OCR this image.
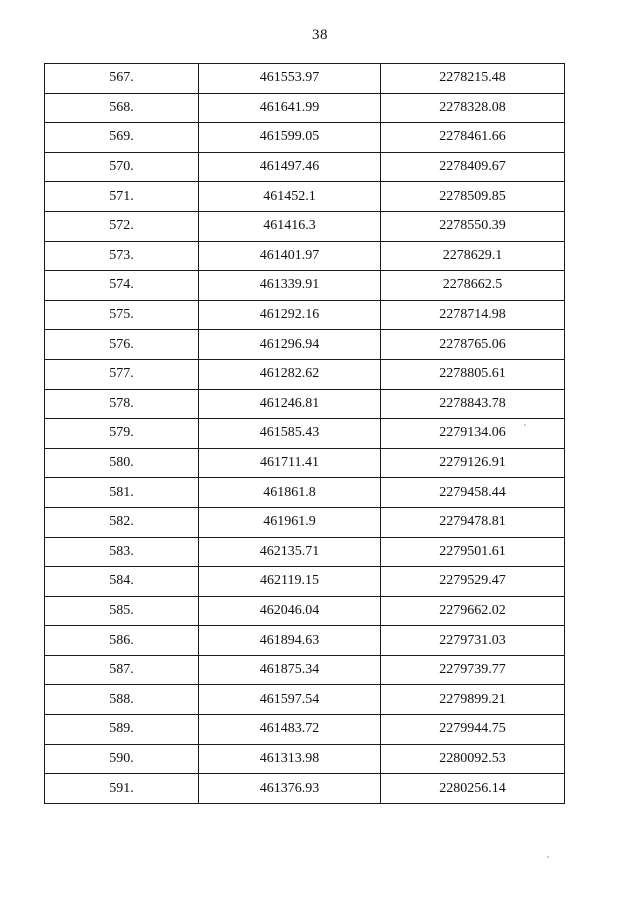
38
567.	461553.97	2278215.48
568.	461641.99	2278328.08
569.	461599.05	2278461.66
570.	461497.46	2278409.67
571.	461452.1	2278509.85
572.	461416.3	2278550.39
573.	461401.97	2278629.1
574.	461339.91	2278662.5
575.	461292.16	2278714.98
576.	461296.94	2278765.06
577.	461282.62	2278805.61
578.	461246.81	2278843.78
579.	461585.43	2279134.06
580.	461711.41	2279126.91
581.	461861.8	2279458.44
582.	461961.9	2279478.81
583.	462135.71	2279501.61
584.	462119.15	2279529.47
585.	462046.04	2279662.02
586.	461894.63	2279731.03
587.	461875.34	2279739.77
588.	461597.54	2279899.21
589.	461483.72	2279944.75
590.	461313.98	2280092.53
591.	461376.93	2280256.14
